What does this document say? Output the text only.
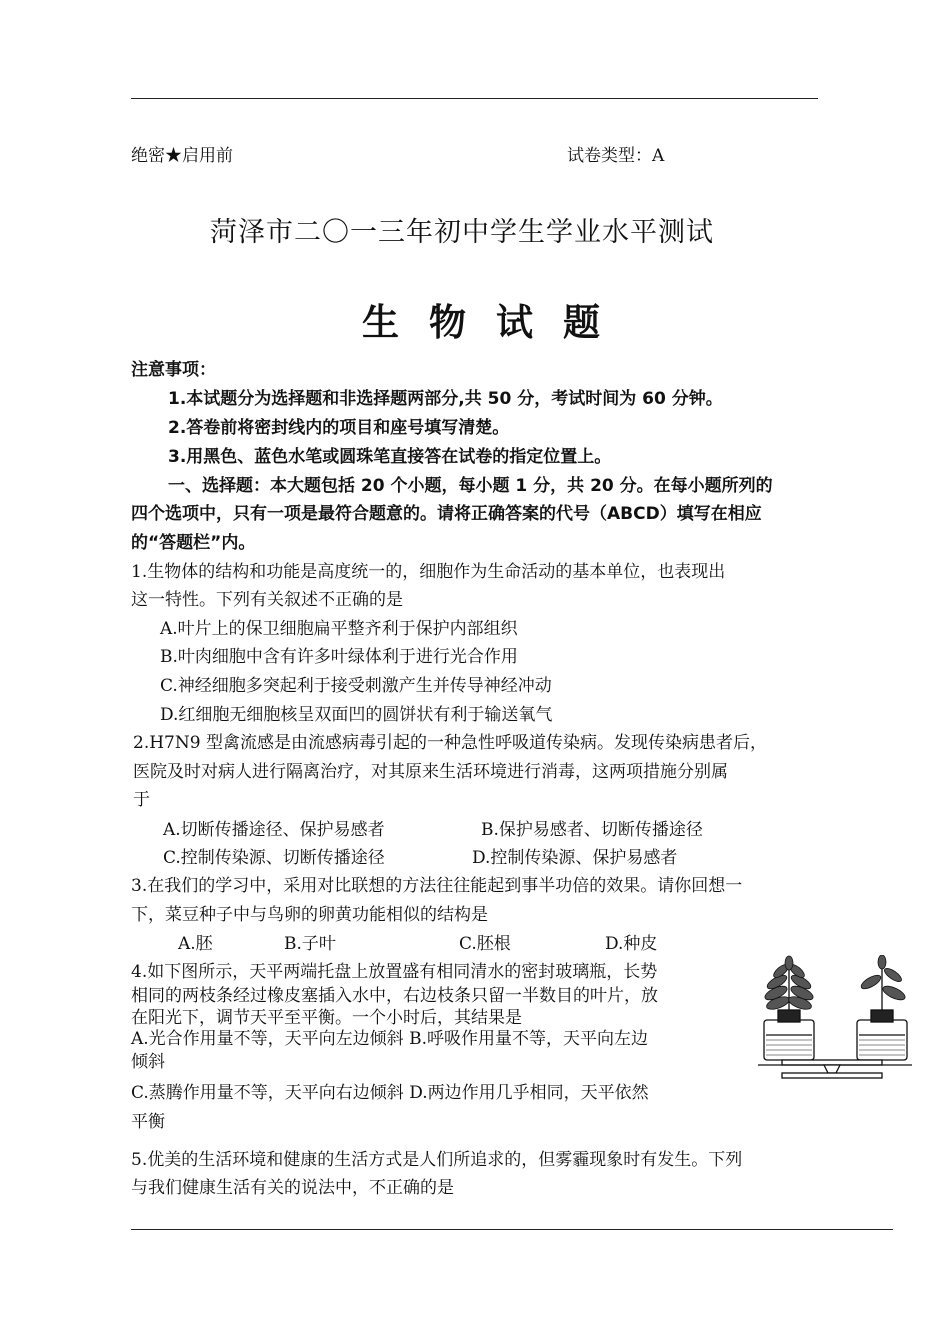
绝密★启用前	试卷类型：A
菏泽市二〇一三年初中学生学业水平测试
生 物 试 题
注意事项：
1.本试题分为选择题和非选择题两部分,共 50 分，考试时间为 60 分钟。
2.答卷前将密封线内的项目和座号填写清楚。
3.用黑色、蓝色水笔或圆珠笔直接答在试卷的指定位置上。
一、选择题：本大题包括 20 个小题，每小题 1 分，共 20 分。在每小题所列的
四个选项中，只有一项是最符合题意的。请将正确答案的代号（ABCD）填写在相应
的“答题栏”内。
1.生物体的结构和功能是高度统一的，细胞作为生命活动的基本单位，也表现出
这一特性。下列有关叙述不正确的是
A.叶片上的保卫细胞扁平整齐利于保护内部组织
B.叶肉细胞中含有许多叶绿体利于进行光合作用
C.神经细胞多突起利于接受刺激产生并传导神经冲动
D.红细胞无细胞核呈双面凹的圆饼状有利于输送氧气
2.H7N9 型禽流感是由流感病毒引起的一种急性呼吸道传染病。发现传染病患者后，
医院及时对病人进行隔离治疗，对其原来生活环境进行消毒，这两项措施分别属
于
A.切断传播途径、保护易感者	B.保护易感者、切断传播途径
C.控制传染源、切断传播途径	D.控制传染源、保护易感者
3.在我们的学习中，采用对比联想的方法往往能起到事半功倍的效果。请你回想一
下，菜豆种子中与鸟卵的卵黄功能相似的结构是
A.胚	B.子叶	C.胚根	D.种皮
4.如下图所示，天平两端托盘上放置盛有相同清水的密封玻璃瓶，长势
相同的两枝条经过橡皮塞插入水中，右边枝条只留一半数目的叶片，放
在阳光下，调节天平至平衡。一个小时后，其结果是
A.光合作用量不等，天平向左边倾斜 B.呼吸作用量不等，天平向左边
倾斜
C.蒸腾作用量不等，天平向右边倾斜 D.两边作用几乎相同，天平依然
平衡
5.优美的生活环境和健康的生活方式是人们所追求的，但雾霾现象时有发生。下列
与我们健康生活有关的说法中，不正确的是
